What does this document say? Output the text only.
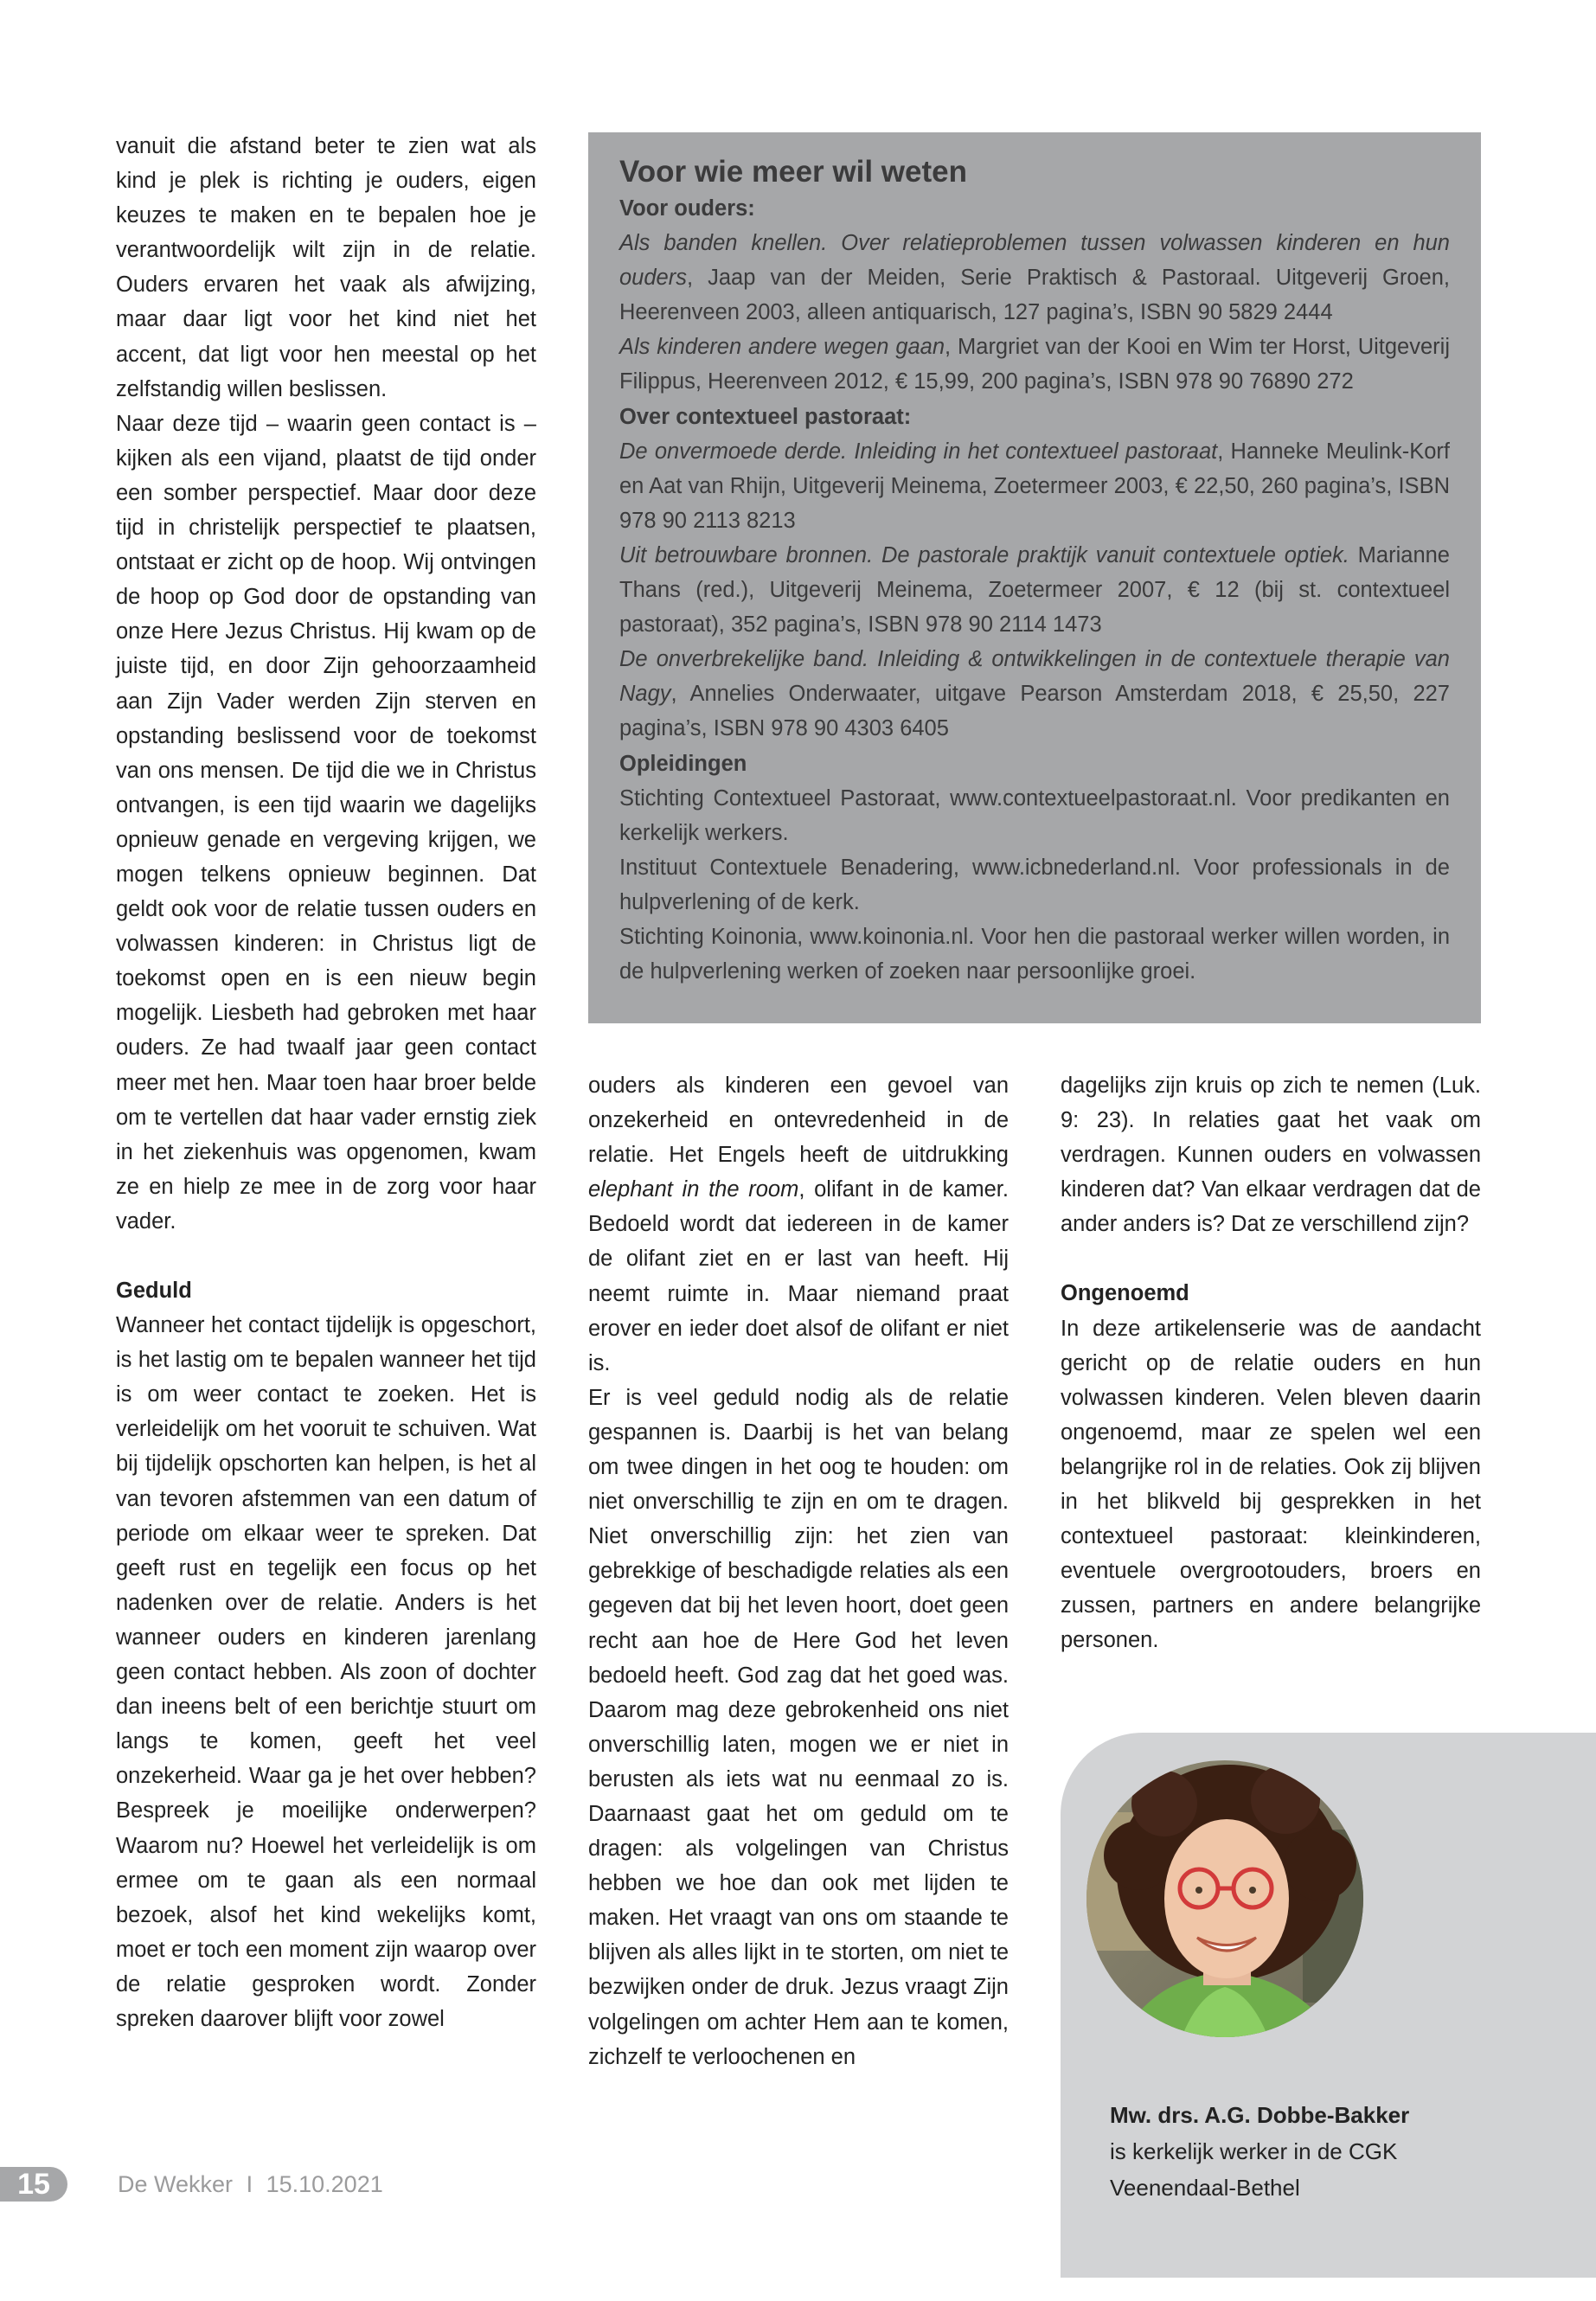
vanuit die afstand beter te zien wat als kind je plek is richting je ouders, eigen keuzes te maken en te bepalen hoe je verantwoordelijk wilt zijn in de relatie. Ouders ervaren het vaak als afwijzing, maar daar ligt voor het kind niet het accent, dat ligt voor hen meestal op het zelfstandig willen beslissen.

Naar deze tijd – waarin geen contact is – kijken als een vijand, plaatst de tijd onder een somber perspectief. Maar door deze tijd in christelijk perspectief te plaatsen, ontstaat er zicht op de hoop. Wij ontvingen de hoop op God door de opstanding van onze Here Jezus Christus. Hij kwam op de juiste tijd, en door Zijn gehoorzaamheid aan Zijn Vader werden Zijn sterven en opstanding beslissend voor de toekomst van ons mensen. De tijd die we in Christus ontvangen, is een tijd waarin we dagelijks opnieuw genade en vergeving krijgen, we mogen telkens opnieuw beginnen. Dat geldt ook voor de relatie tussen ouders en volwassen kinderen: in Christus ligt de toekomst open en is een nieuw begin mogelijk. Liesbeth had gebroken met haar ouders. Ze had twaalf jaar geen contact meer met hen. Maar toen haar broer belde om te vertellen dat haar vader ernstig ziek in het ziekenhuis was opgenomen, kwam ze en hielp ze mee in de zorg voor haar vader.

Geduld

Wanneer het contact tijdelijk is opgeschort, is het lastig om te bepalen wanneer het tijd is om weer contact te zoeken. Het is verleidelijk om het vooruit te schuiven. Wat bij tijdelijk opschorten kan helpen, is het al van tevoren afstemmen van een datum of periode om elkaar weer te spreken. Dat geeft rust en tegelijk een focus op het nadenken over de relatie. Anders is het wanneer ouders en kinderen jarenlang geen contact hebben. Als zoon of dochter dan ineens belt of een berichtje stuurt om langs te komen, geeft het veel onzekerheid. Waar ga je het over hebben? Bespreek je moeilijke onderwerpen? Waarom nu? Hoewel het verleidelijk is om ermee om te gaan als een normaal bezoek, alsof het kind wekelijks komt, moet er toch een moment zijn waarop over de relatie gesproken wordt. Zonder spreken daarover blijft voor zowel

Voor wie meer wil weten

Voor ouders:

Als banden knellen. Over relatieproblemen tussen volwassen kinderen en hun ouders, Jaap van der Meiden, Serie Praktisch & Pastoraal. Uitgeverij Groen, Heerenveen 2003, alleen antiquarisch, 127 pagina’s, ISBN 90 5829 2444

Als kinderen andere wegen gaan, Margriet van der Kooi en Wim ter Horst, Uitgeverij Filippus, Heerenveen 2012, € 15,99, 200 pagina’s, ISBN 978 90 76890 272

Over contextueel pastoraat:

De onvermoede derde. Inleiding in het contextueel pastoraat, Hanneke Meulink-Korf en Aat van Rhijn, Uitgeverij Meinema, Zoetermeer 2003, € 22,50, 260 pagina’s, ISBN 978 90 2113 8213

Uit betrouwbare bronnen. De pastorale praktijk vanuit contextuele optiek. Marianne Thans (red.), Uitgeverij Meinema, Zoetermeer 2007, € 12 (bij st. contextueel pastoraat), 352 pagina’s, ISBN 978 90 2114 1473

De onverbrekelijke band. Inleiding & ontwikkelingen in de contextuele therapie van Nagy, Annelies Onderwaater, uitgave Pearson Amsterdam 2018, € 25,50, 227 pagina’s, ISBN 978 90 4303 6405

Opleidingen

Stichting Contextueel Pastoraat, www.contextueelpastoraat.nl. Voor predikanten en kerkelijk werkers.

Instituut Contextuele Benadering, www.icbnederland.nl. Voor professionals in de hulpverlening of de kerk.

Stichting Koinonia, www.koinonia.nl. Voor hen die pastoraal werker willen worden, in de hulpverlening werken of zoeken naar persoonlijke groei.

ouders als kinderen een gevoel van onzekerheid en ontevredenheid in de relatie. Het Engels heeft de uitdrukking elephant in the room, olifant in de kamer. Bedoeld wordt dat iedereen in de kamer de olifant ziet en er last van heeft. Hij neemt ruimte in. Maar niemand praat erover en ieder doet alsof de olifant er niet is.

Er is veel geduld nodig als de relatie gespannen is. Daarbij is het van belang om twee dingen in het oog te houden: om niet onverschillig te zijn en om te dragen. Niet onverschillig zijn: het zien van gebrekkige of beschadigde relaties als een gegeven dat bij het leven hoort, doet geen recht aan hoe de Here God het leven bedoeld heeft. God zag dat het goed was. Daarom mag deze gebrokenheid ons niet onverschillig laten, mogen we er niet in berusten als iets wat nu eenmaal zo is. Daarnaast gaat het om geduld om te dragen: als volgelingen van Christus hebben we hoe dan ook met lijden te maken. Het vraagt van ons om staande te blijven als alles lijkt in te storten, om niet te bezwijken onder de druk. Jezus vraagt Zijn volgelingen om achter Hem aan te komen, zichzelf te verloochenen en

dagelijks zijn kruis op zich te nemen (Luk. 9: 23). In relaties gaat het vaak om verdragen. Kunnen ouders en volwassen kinderen dat? Van elkaar verdragen dat de ander anders is? Dat ze verschillend zijn?

Ongenoemd

In deze artikelenserie was de aandacht gericht op de relatie ouders en hun volwassen kinderen. Velen bleven daarin ongenoemd, maar ze spelen wel een belangrijke rol in de relaties. Ook zij blijven in het blikveld bij gesprekken in het contextueel pastoraat: kleinkinderen, eventuele overgrootouders, broers en zussen, partners en andere belangrijke personen.

Mw. drs. A.G. Dobbe-Bakker
is kerkelijk werker in de CGK
Veenendaal-Bethel
15	De Wekker I 15.10.2021
